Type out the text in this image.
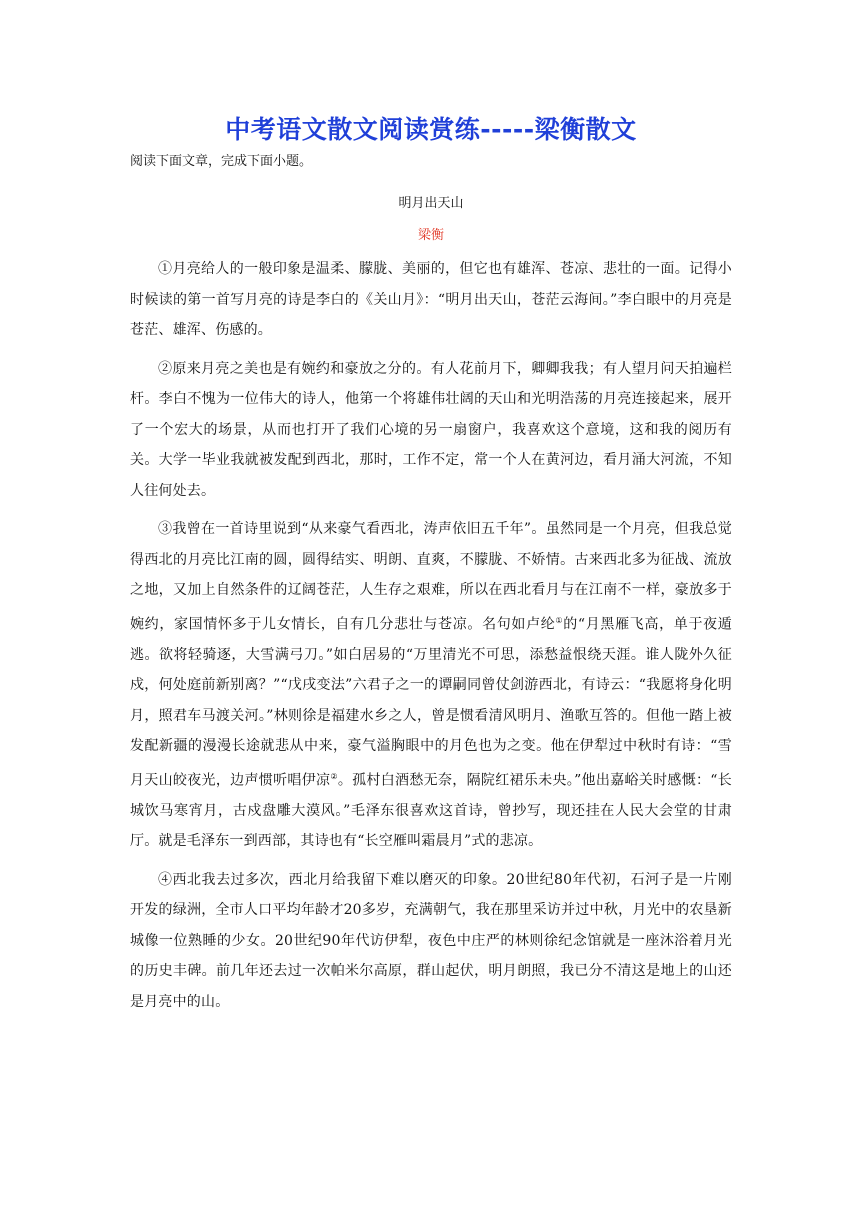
中考语文散文阅读赏练-----梁衡散文

阅读下面文章，完成下面小题。

明月出天山

梁衡

①月亮给人的一般印象是温柔、朦胧、美丽的，但它也有雄浑、苍凉、悲壮的一面。记得小时候读的第一首写月亮的诗是李白的《关山月》：“明月出天山，苍茫云海间。”李白眼中的月亮是苍茫、雄浑、伤感的。

②原来月亮之美也是有婉约和豪放之分的。有人花前月下，卿卿我我；有人望月问天拍遍栏杆。李白不愧为一位伟大的诗人，他第一个将雄伟壮阔的天山和光明浩荡的月亮连接起来，展开了一个宏大的场景，从而也打开了我们心境的另一扇窗户，我喜欢这个意境，这和我的阅历有关。大学一毕业我就被发配到西北，那时，工作不定，常一个人在黄河边，看月涌大河流，不知人往何处去。

③我曾在一首诗里说到“从来豪气看西北，涛声依旧五千年”。虽然同是一个月亮，但我总觉得西北的月亮比江南的圆，圆得结实、明朗、直爽，不朦胧、不娇情。古来西北多为征战、流放之地，又加上自然条件的辽阔苍茫，人生存之艰难，所以在西北看月与在江南不一样，豪放多于婉约，家国情怀多于儿女情长，自有几分悲壮与苍凉。名句如卢纶①的“月黑雁飞高，单于夜遁逃。欲将轻骑逐，大雪满弓刀。”如白居易的“万里清光不可思，添愁益恨绕天涯。谁人陇外久征戍，何处庭前新别离？”“戊戌变法”六君子之一的谭嗣同曾仗剑游西北，有诗云：“我愿将身化明月，照君车马渡关河。”林则徐是福建水乡之人，曾是惯看清风明月、渔歌互答的。但他一踏上被发配新疆的漫漫长途就悲从中来，豪气溢胸眼中的月色也为之变。他在伊犁过中秋时有诗：“雪月天山皎夜光，边声惯听唱伊凉②。孤村白酒愁无奈，隔院红裙乐未央。”他出嘉峪关时感慨：“长城饮马寒宵月，古戍盘雕大漠风。”毛泽东很喜欢这首诗，曾抄写，现还挂在人民大会堂的甘肃厅。就是毛泽东一到西部，其诗也有“长空雁叫霜晨月”式的悲凉。

④西北我去过多次，西北月给我留下难以磨灭的印象。20世纪80年代初，石河子是一片刚开发的绿洲，全市人口平均年龄才20多岁，充满朝气，我在那里采访并过中秋，月光中的农垦新城像一位熟睡的少女。20世纪90年代访伊犁，夜色中庄严的林则徐纪念馆就是一座沐浴着月光的历史丰碑。前几年还去过一次帕米尔高原，群山起伏，明月朗照，我已分不清这是地上的山还是月亮中的山。
